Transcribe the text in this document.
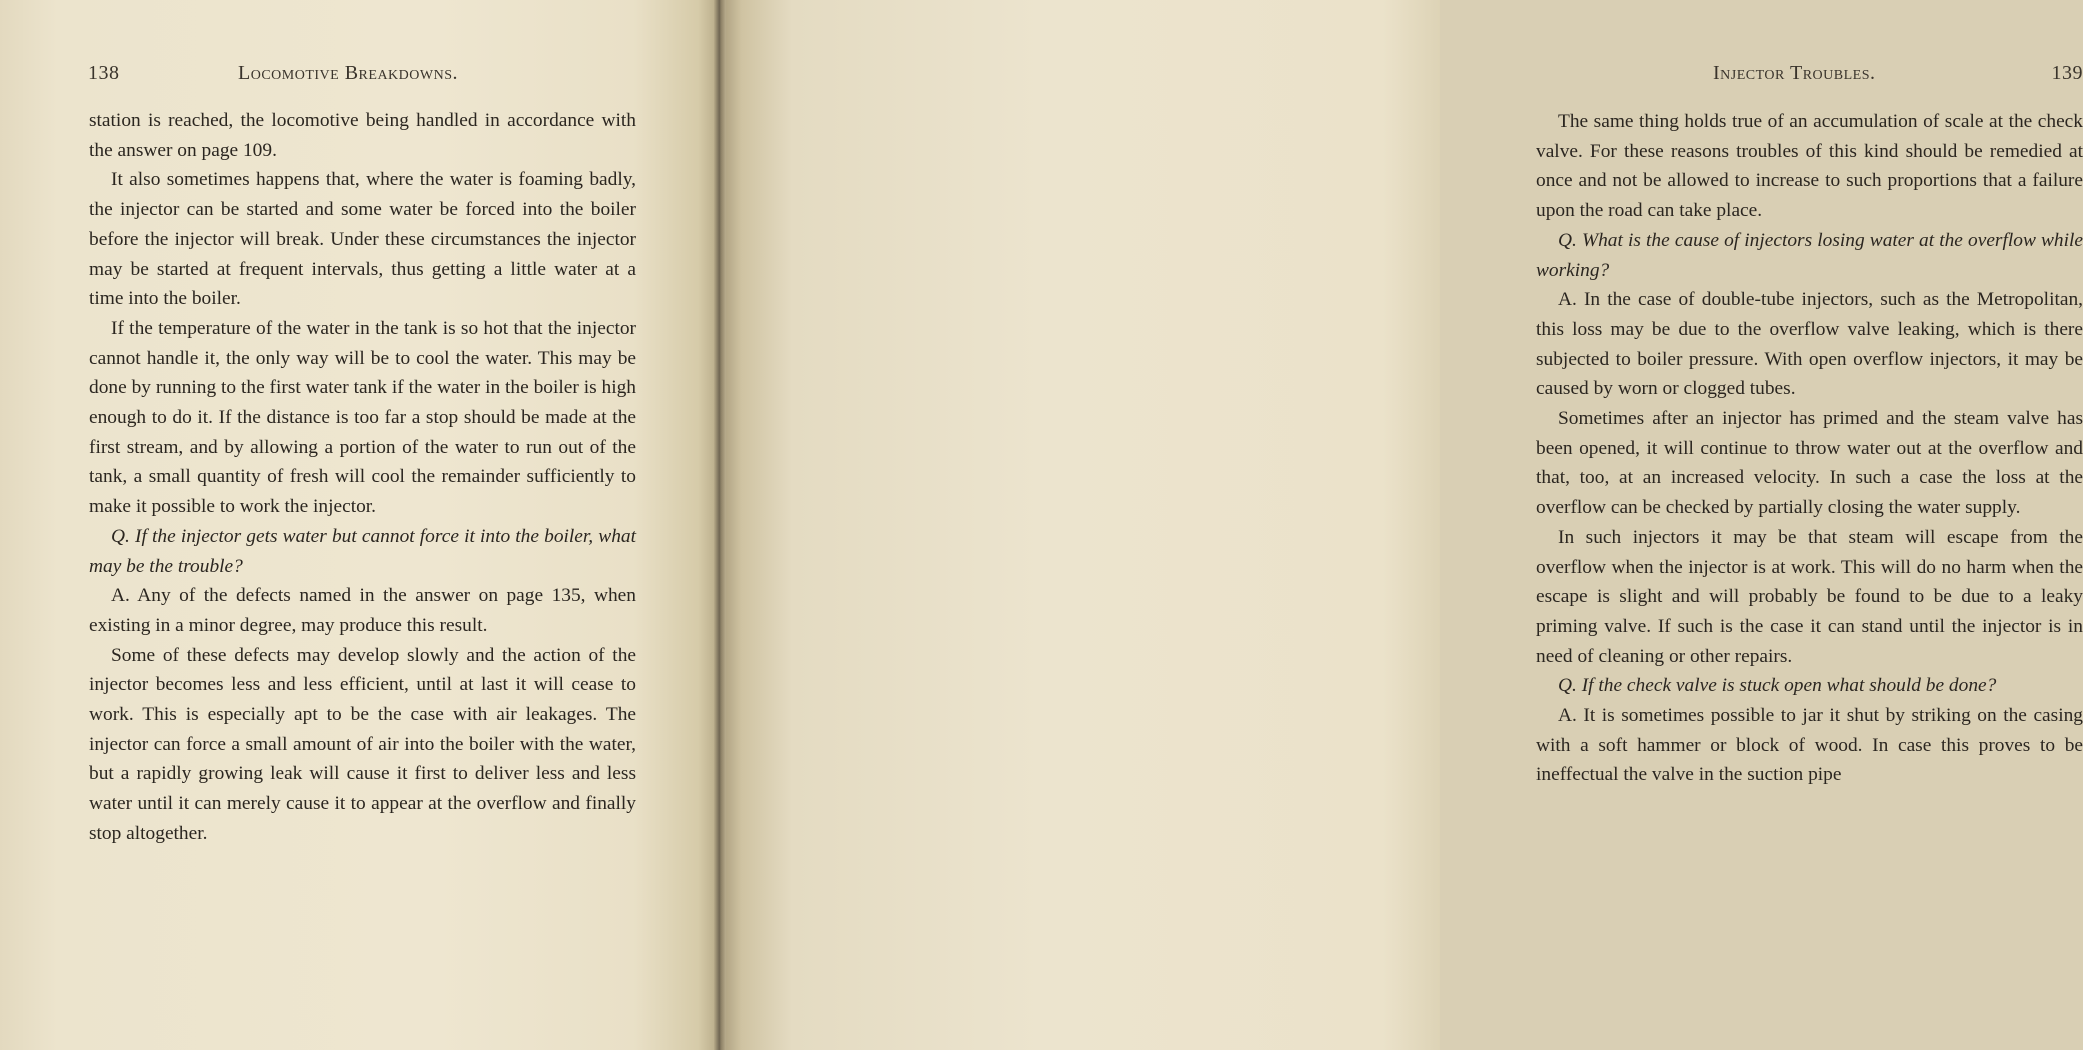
138	Locomotive Breakdowns.

station is reached, the locomotive being handled in accordance with the answer on page 109.

It also sometimes happens that, where the water is foaming badly, the injector can be started and some water be forced into the boiler before the injector will break. Under these circumstances the injector may be started at frequent intervals, thus getting a little water at a time into the boiler.

If the temperature of the water in the tank is so hot that the injector cannot handle it, the only way will be to cool the water. This may be done by running to the first water tank if the water in the boiler is high enough to do it. If the distance is too far a stop should be made at the first stream, and by allowing a portion of the water to run out of the tank, a small quantity of fresh will cool the remainder sufficiently to make it possible to work the injector.

Q. If the injector gets water but cannot force it into the boiler, what may be the trouble?

A. Any of the defects named in the answer on page 135, when existing in a minor degree, may produce this result.

Some of these defects may develop slowly and the action of the injector becomes less and less efficient, until at last it will cease to work. This is especially apt to be the case with air leakages. The injector can force a small amount of air into the boiler with the water, but a rapidly growing leak will cause it first to deliver less and less water until it can merely cause it to appear at the overflow and finally stop altogether.

Injector Troubles.	139

The same thing holds true of an accumulation of scale at the check valve. For these reasons troubles of this kind should be remedied at once and not be allowed to increase to such proportions that a failure upon the road can take place.

Q. What is the cause of injectors losing water at the overflow while working?

A. In the case of double-tube injectors, such as the Metropolitan, this loss may be due to the overflow valve leaking, which is there subjected to boiler pressure. With open overflow injectors, it may be caused by worn or clogged tubes.

Sometimes after an injector has primed and the steam valve has been opened, it will continue to throw water out at the overflow and that, too, at an increased velocity. In such a case the loss at the overflow can be checked by partially closing the water supply.

In such injectors it may be that steam will escape from the overflow when the injector is at work. This will do no harm when the escape is slight and will probably be found to be due to a leaky priming valve. If such is the case it can stand until the injector is in need of cleaning or other repairs.

Q. If the check valve is stuck open what should be done?

A. It is sometimes possible to jar it shut by striking on the casing with a soft hammer or block of wood. In case this proves to be ineffectual the valve in the suction pipe
